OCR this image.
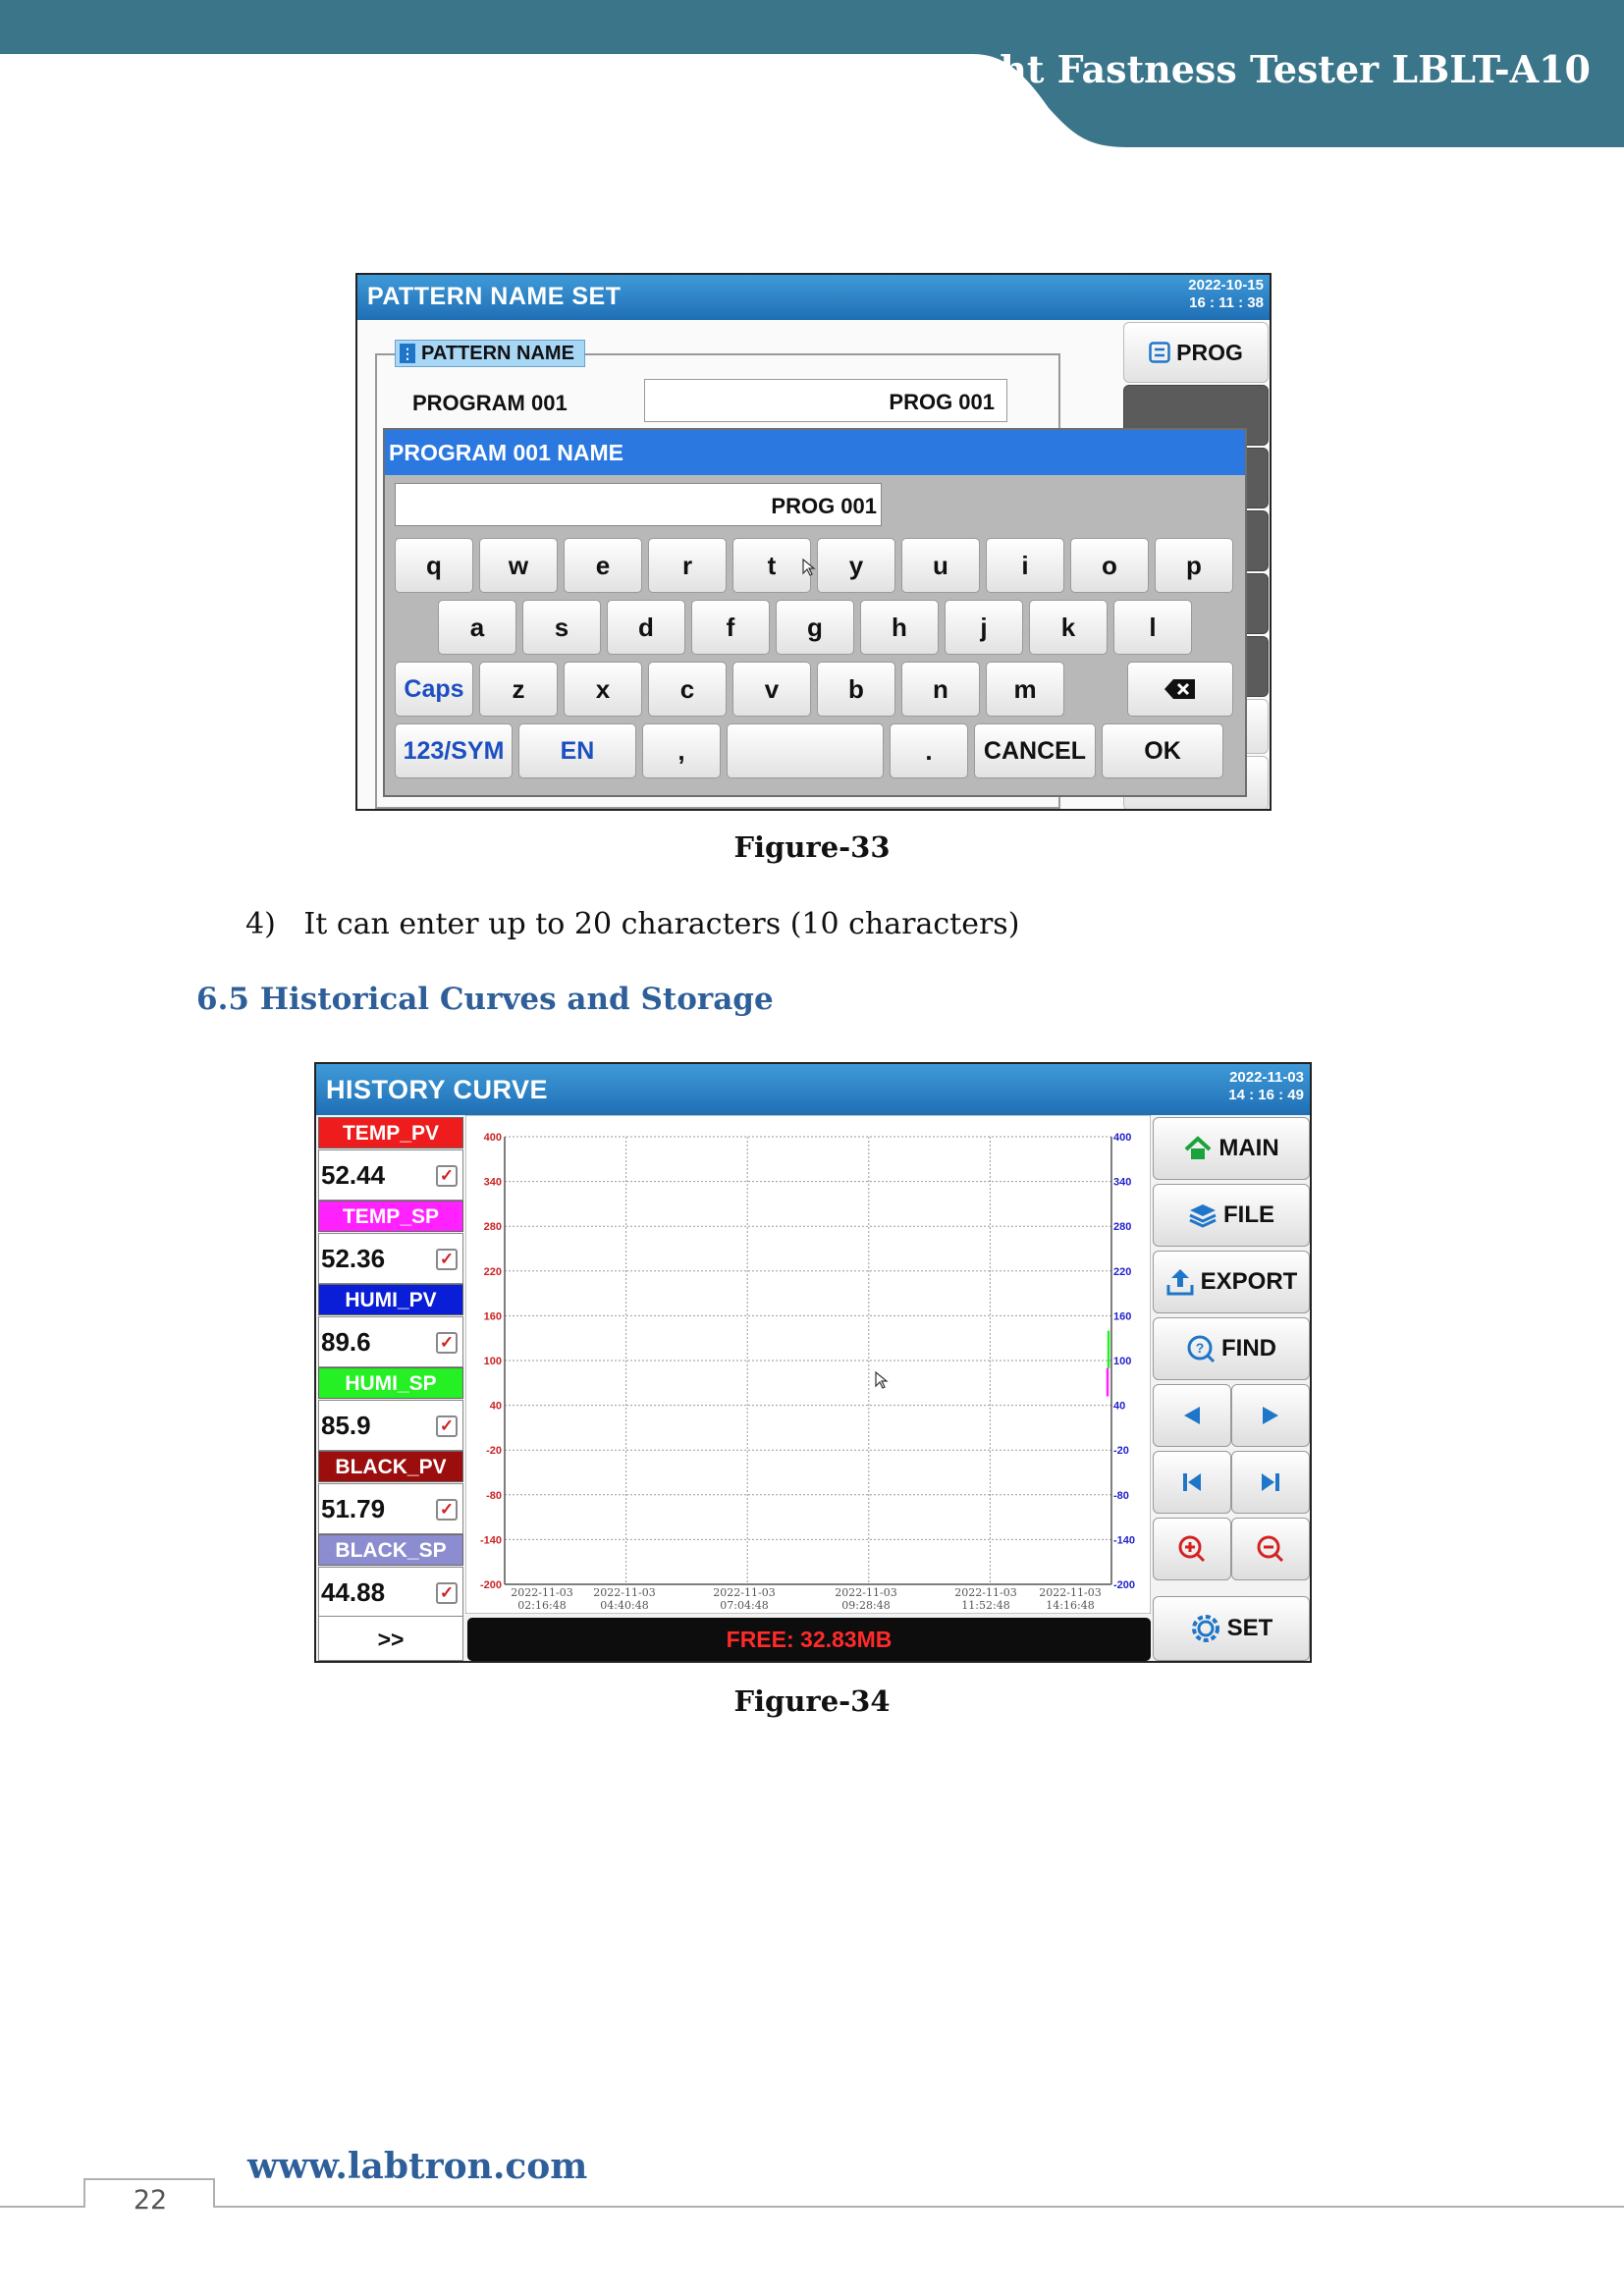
Light Fastness Tester LBLT-A10
PATTERN NAME SET	2022-10-15
16 : 11 : 38
PROG
⋮ PATTERN NAME
PROGRAM 001	PROG 001
PROGRAM 001 NAME
PROG 001
q	w	e	r	t	y	u	i	o	p
a	s	d	f	g	h	j	k	l
Caps	z	x	c	v	b	n	m
123/SYM	EN	,	.	CANCEL	OK
Figure-33
4)   It can enter up to 20 characters (10 characters)
6.5 Historical Curves and Storage
HISTORY CURVE	2022-11-03
14 : 16 : 49
TEMP_PV
52.44	✓
TEMP_SP
52.36	✓
HUMI_PV
89.6	✓
HUMI_SP
85.9	✓
BLACK_PV
51.79	✓
BLACK_SP
44.88	✓
>>
400	400
340	340
280	280
220	220
160	160
100	100
40	40
-20	-20
-80	-80
-140	-140
-200	-200
2022-11-03
02:16:48
2022-11-03
04:40:48
2022-11-03
07:04:48
2022-11-03
09:28:48
2022-11-03
11:52:48
2022-11-03
14:16:48
FREE: 32.83MB
MAIN
FILE
EXPORT
? FIND
SET
Figure-34
22
www.labtron.com
